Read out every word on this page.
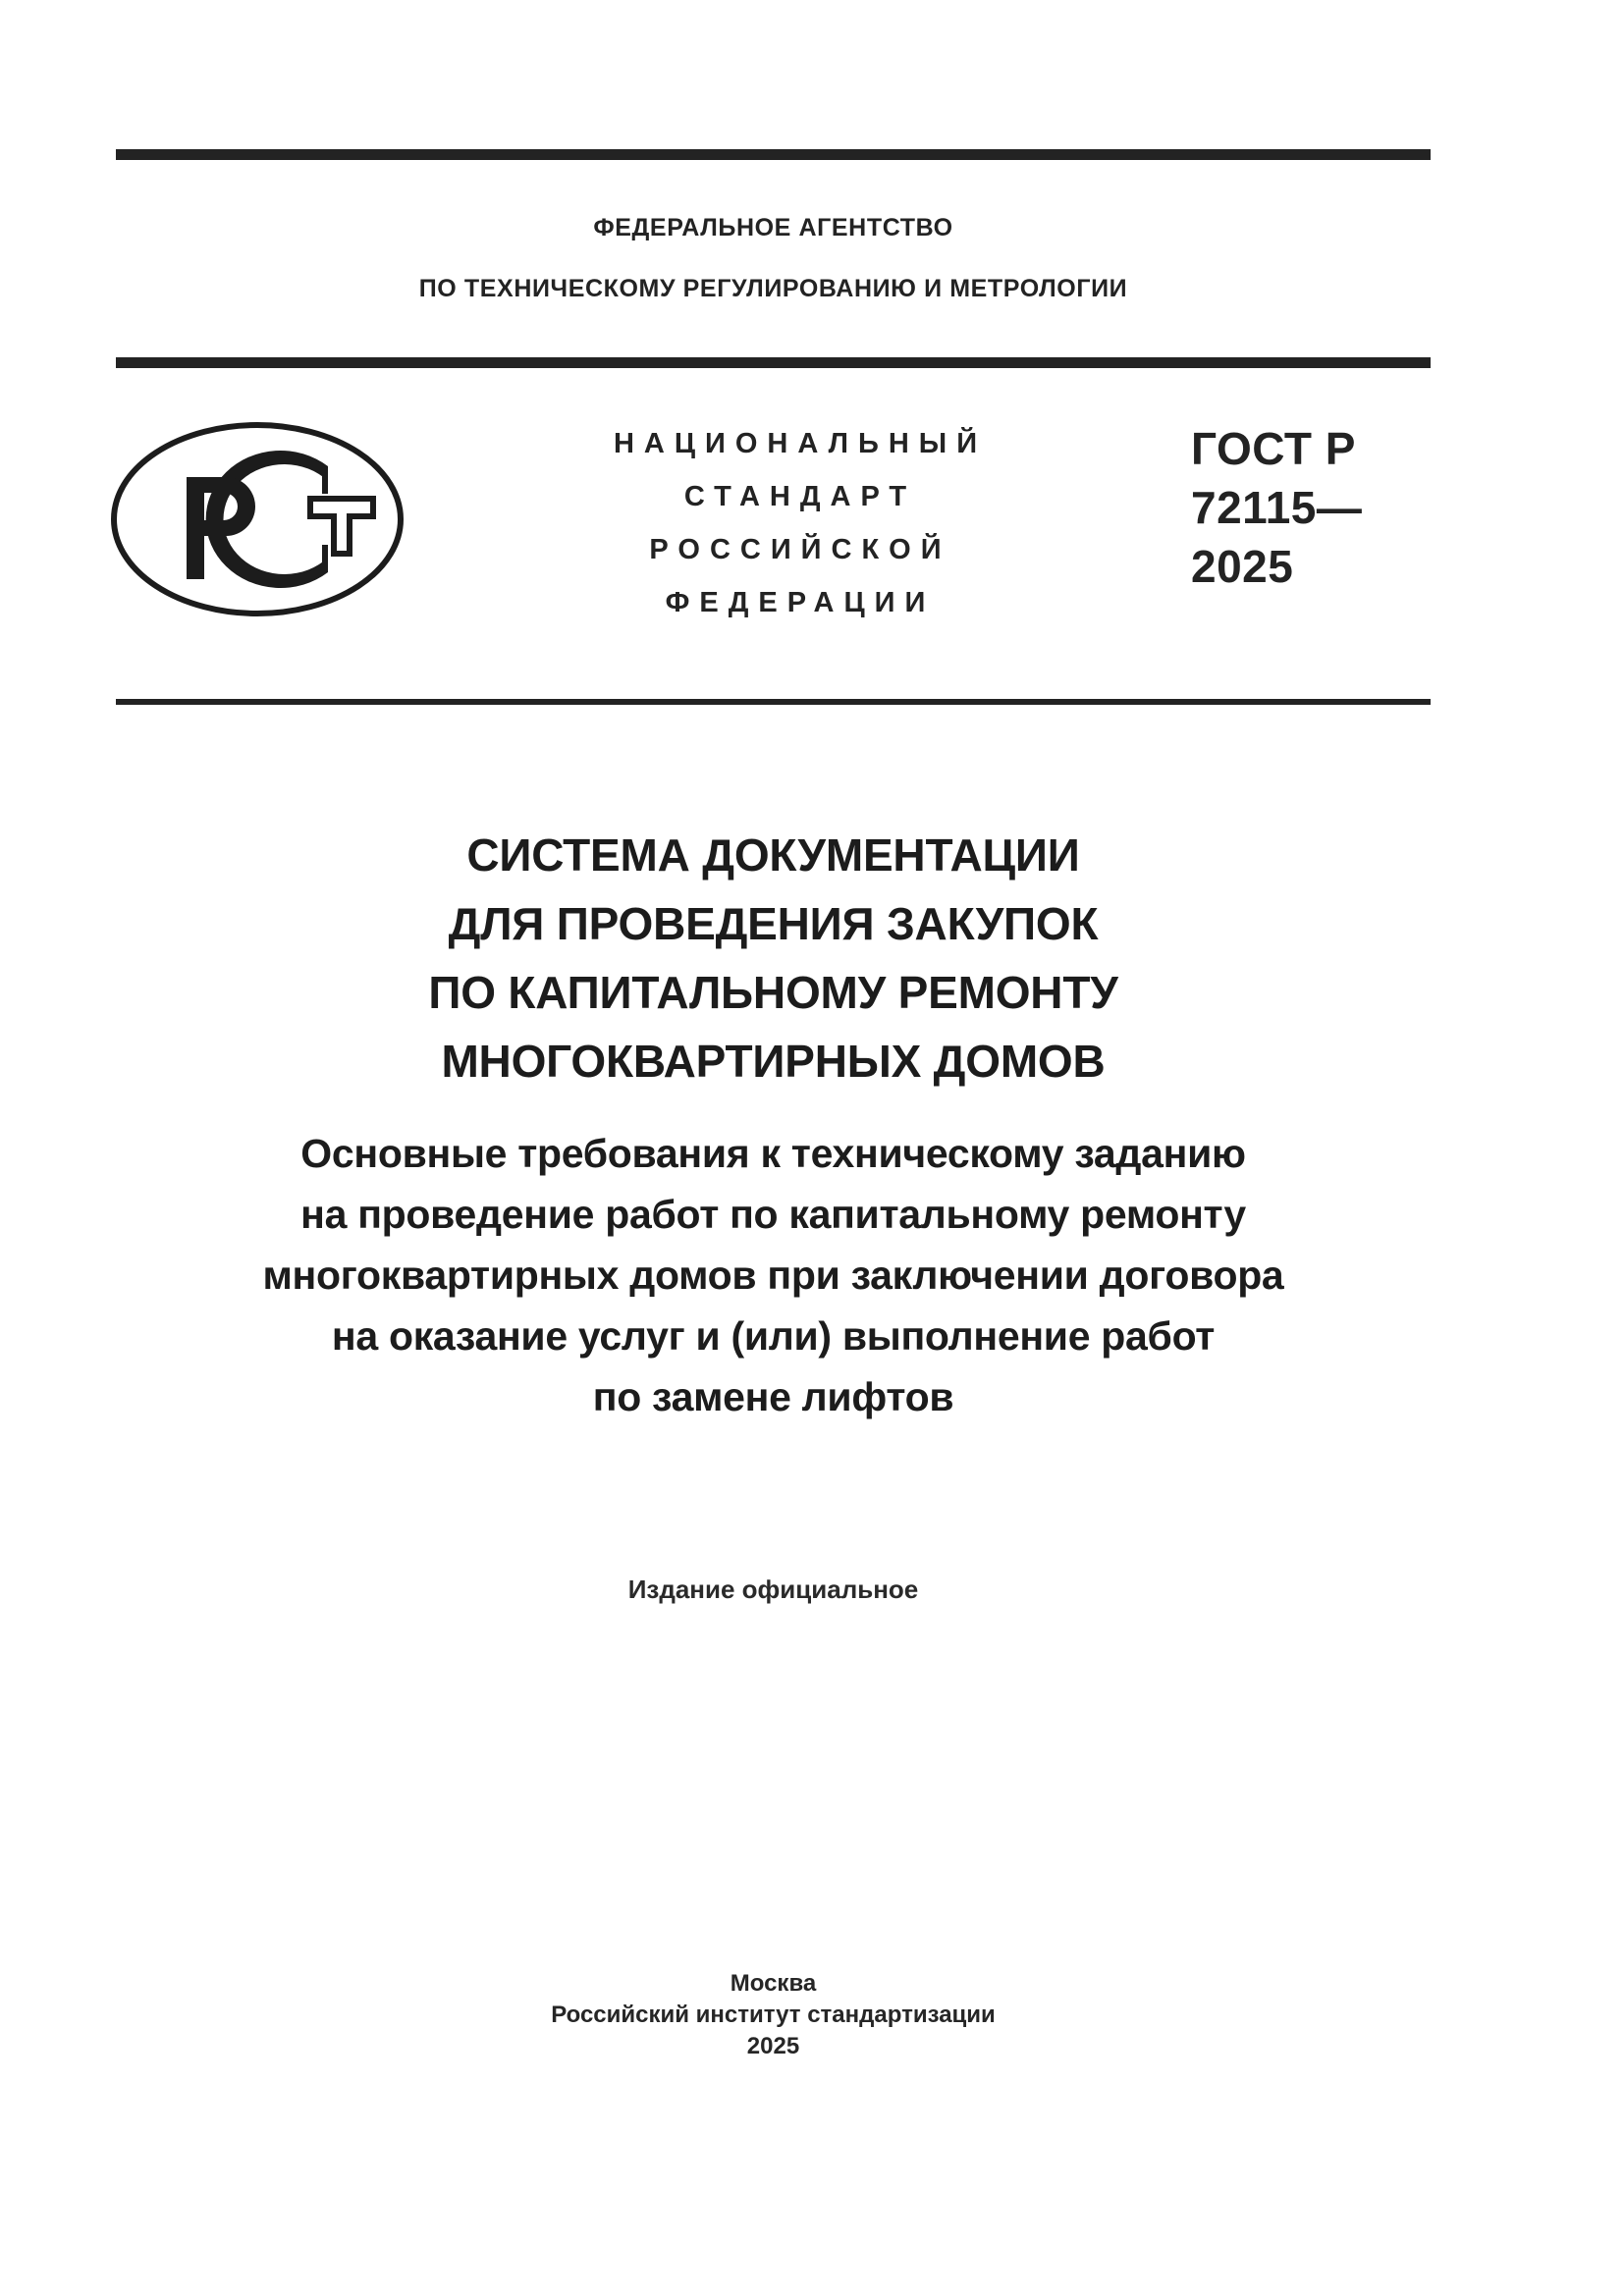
ФЕДЕРАЛЬНОЕ АГЕНТСТВО
ПО ТЕХНИЧЕСКОМУ РЕГУЛИРОВАНИЮ И МЕТРОЛОГИИ
НАЦИОНАЛЬНЫЙ
СТАНДАРТ
РОССИЙСКОЙ
ФЕДЕРАЦИИ
ГОСТ Р
72115—
2025
СИСТЕМА ДОКУМЕНТАЦИИ
ДЛЯ ПРОВЕДЕНИЯ ЗАКУПОК
ПО КАПИТАЛЬНОМУ РЕМОНТУ
МНОГОКВАРТИРНЫХ ДОМОВ
Основные требования к техническому заданию
на проведение работ по капитальному ремонту
многоквартирных домов при заключении договора
на оказание услуг и (или) выполнение работ
по замене лифтов
Издание официальное
Москва
Российский институт стандартизации
2025
